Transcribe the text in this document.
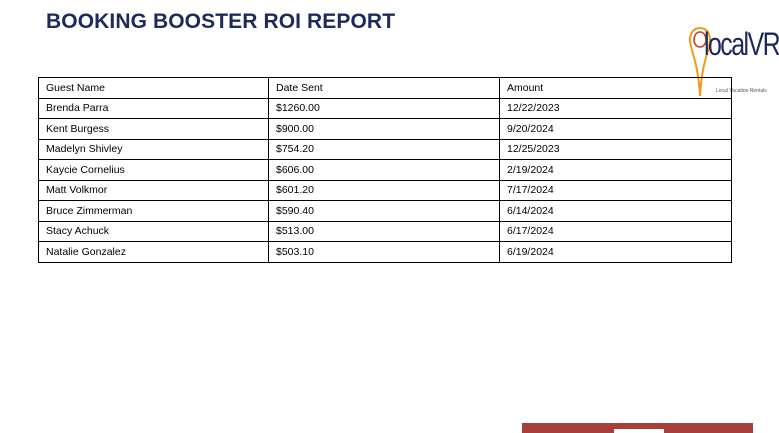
BOOKING BOOSTER ROI REPORT
localVR
Local Vacation Rentals
Guest Name	Date Sent	Amount
Brenda Parra	$1260.00	12/22/2023
Kent Burgess	$900.00	9/20/2024
Madelyn Shivley	$754.20	12/25/2023
Kaycie Cornelius	$606.00	2/19/2024
Matt Volkmor	$601.20	7/17/2024
Bruce Zimmerman	$590.40	6/14/2024
Stacy Achuck	$513.00	6/17/2024
Natalie Gonzalez	$503.10	6/19/2024
